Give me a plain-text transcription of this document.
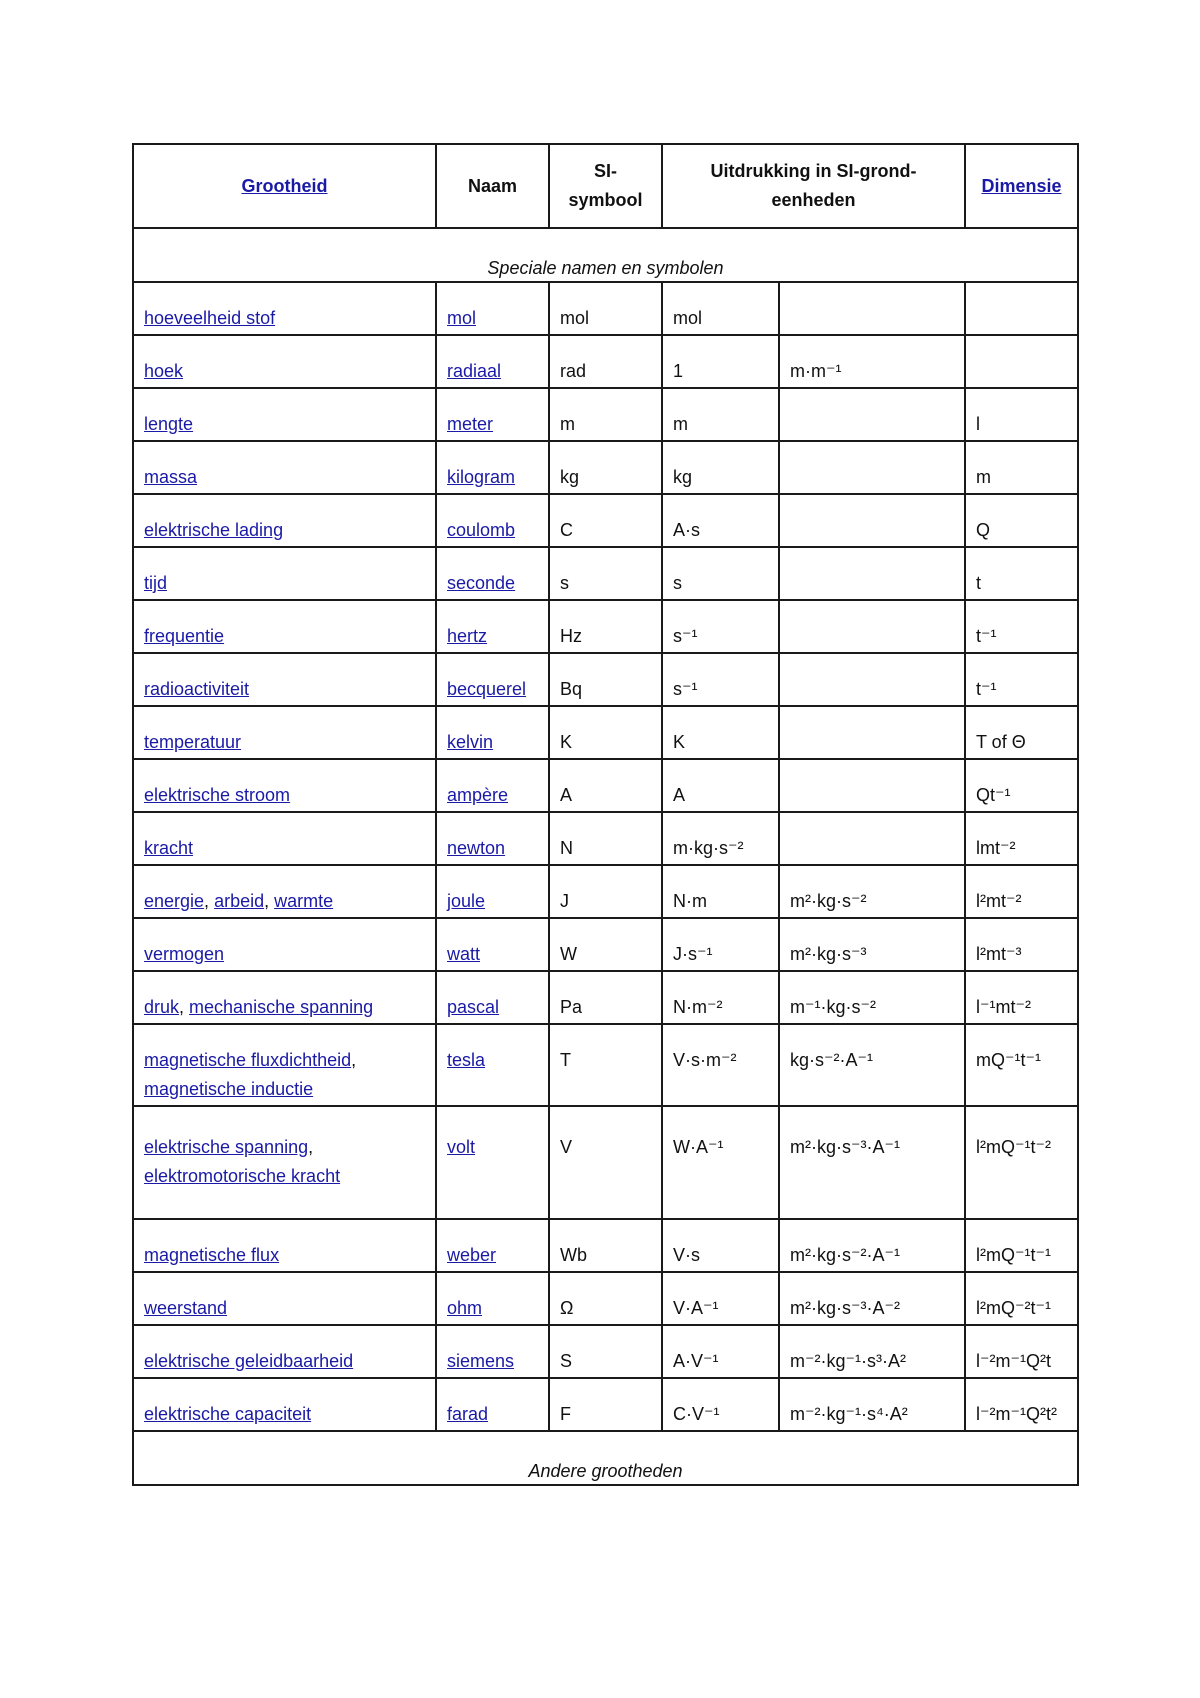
Grootheid	Naam	SI-symbool	Uitdrukking in SI-grond-eenheden		Dimensie
Speciale namen en symbolen					
hoeveelheid stof	mol	mol	mol		
hoek	radiaal	rad	1	m·m⁻¹	
lengte	meter	m	m		l
massa	kilogram	kg	kg		m
elektrische lading	coulomb	C	A·s		Q
tijd	seconde	s	s		t
frequentie	hertz	Hz	s⁻¹		t⁻¹
radioactiviteit	becquerel	Bq	s⁻¹		t⁻¹
temperatuur	kelvin	K	K		T of Θ
elektrische stroom	ampère	A	A		Qt⁻¹
kracht	newton	N	m·kg·s⁻²		lmt⁻²
energie, arbeid, warmte	joule	J	N·m	m²·kg·s⁻²	l²mt⁻²
vermogen	watt	W	J·s⁻¹	m²·kg·s⁻³	l²mt⁻³
druk, mechanische spanning	pascal	Pa	N·m⁻²	m⁻¹·kg·s⁻²	l⁻¹mt⁻²
magnetische fluxdichtheid, magnetische inductie	tesla	T	V·s·m⁻²	kg·s⁻²·A⁻¹	mQ⁻¹t⁻¹
elektrische spanning, elektromotorische kracht	volt	V	W·A⁻¹	m²·kg·s⁻³·A⁻¹	l²mQ⁻¹t⁻²
magnetische flux	weber	Wb	V·s	m²·kg·s⁻²·A⁻¹	l²mQ⁻¹t⁻¹
weerstand	ohm	Ω	V·A⁻¹	m²·kg·s⁻³·A⁻²	l²mQ⁻²t⁻¹
elektrische geleidbaarheid	siemens	S	A·V⁻¹	m⁻²·kg⁻¹·s³·A²	l⁻²m⁻¹Q²t
elektrische capaciteit	farad	F	C·V⁻¹	m⁻²·kg⁻¹·s⁴·A²	l⁻²m⁻¹Q²t²
Andere grootheden					
